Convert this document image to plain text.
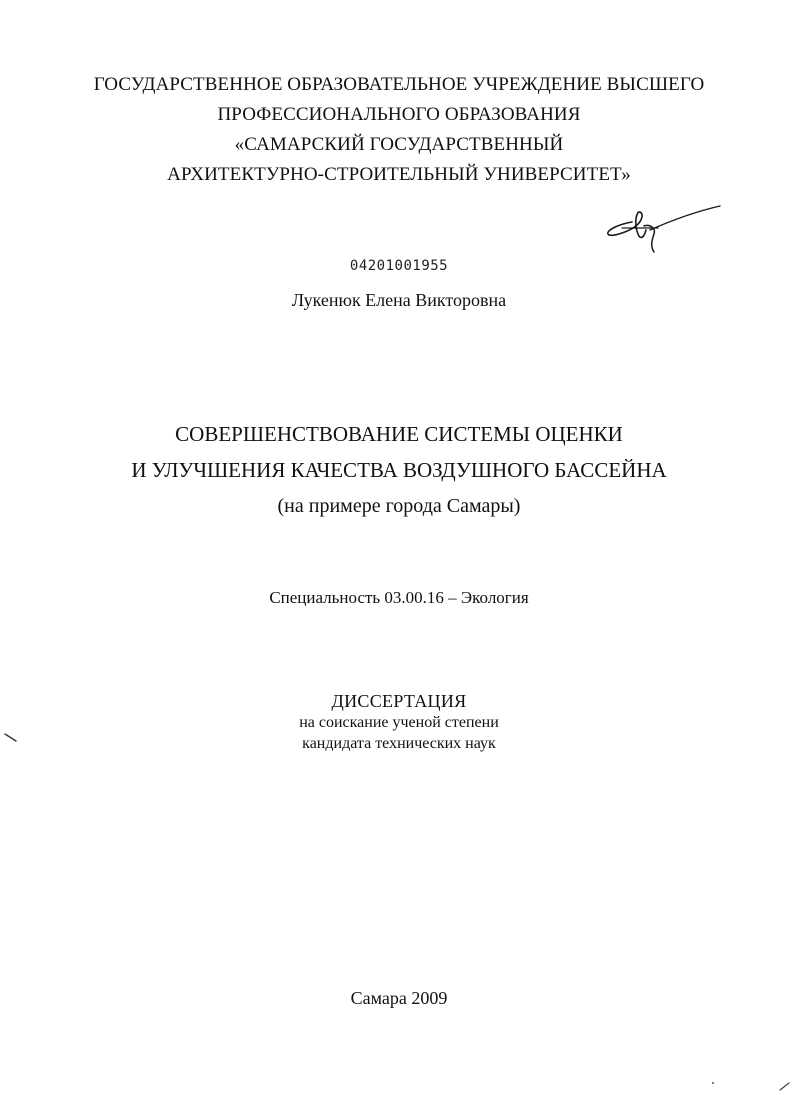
ГОСУДАРСТВЕННОЕ ОБРАЗОВАТЕЛЬНОЕ УЧРЕЖДЕНИЕ ВЫСШЕГО
ПРОФЕССИОНАЛЬНОГО ОБРАЗОВАНИЯ
«САМАРСКИЙ ГОСУДАРСТВЕННЫЙ
АРХИТЕКТУРНО-СТРОИТЕЛЬНЫЙ УНИВЕРСИТЕТ»
04201001955
Лукенюк Елена Викторовна
СОВЕРШЕНСТВОВАНИЕ СИСТЕМЫ ОЦЕНКИ
И УЛУЧШЕНИЯ КАЧЕСТВА ВОЗДУШНОГО БАССЕЙНА
(на примере города Самары)
Специальность 03.00.16 – Экология
ДИССЕРТАЦИЯ
на соискание ученой степени
кандидата технических наук
Самара 2009
